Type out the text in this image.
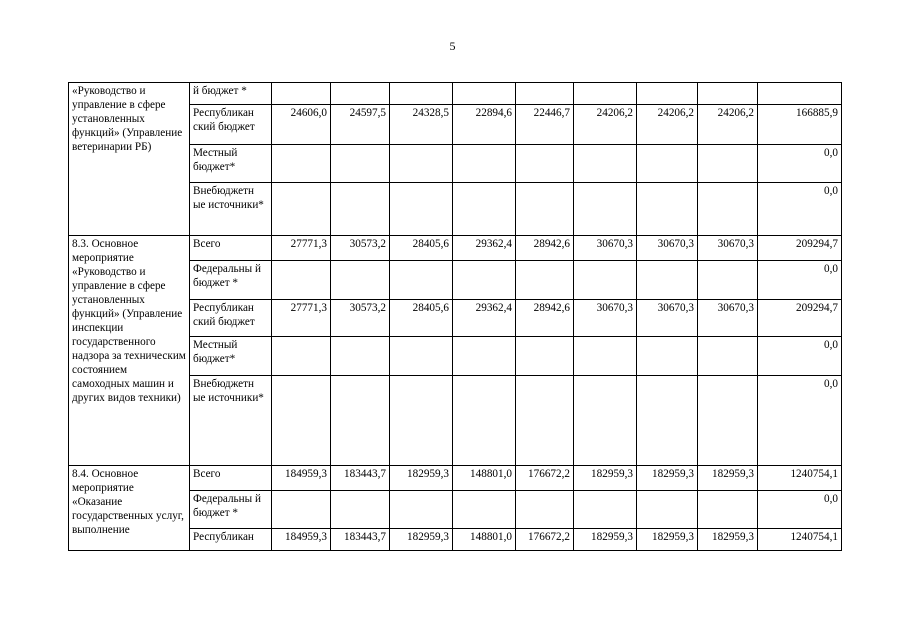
5
«Руководство и управление в сфере установленных функций» (Управление ветеринарии РБ)	й бюджет *									
	Республикан ский бюджет	24606,0	24597,5	24328,5	22894,6	22446,7	24206,2	24206,2	24206,2	166885,9
	Местный бюджет*									0,0
	Внебюджетн ые источники*									0,0
8.3. Основное мероприятие «Руководство и управление в сфере установленных функций» (Управление инспекции государственного надзора за техническим состоянием самоходных машин и других видов техники)	Всего	27771,3	30573,2	28405,6	29362,4	28942,6	30670,3	30670,3	30670,3	209294,7
	Федеральны й бюджет *									0,0
	Республикан ский бюджет	27771,3	30573,2	28405,6	29362,4	28942,6	30670,3	30670,3	30670,3	209294,7
	Местный бюджет*									0,0
	Внебюджетн ые источники*									0,0
8.4. Основное мероприятие «Оказание государственных услуг, выполнение	Всего	184959,3	183443,7	182959,3	148801,0	176672,2	182959,3	182959,3	182959,3	1240754,1
	Федеральны й бюджет *									0,0
	Республикан	184959,3	183443,7	182959,3	148801,0	176672,2	182959,3	182959,3	182959,3	1240754,1
